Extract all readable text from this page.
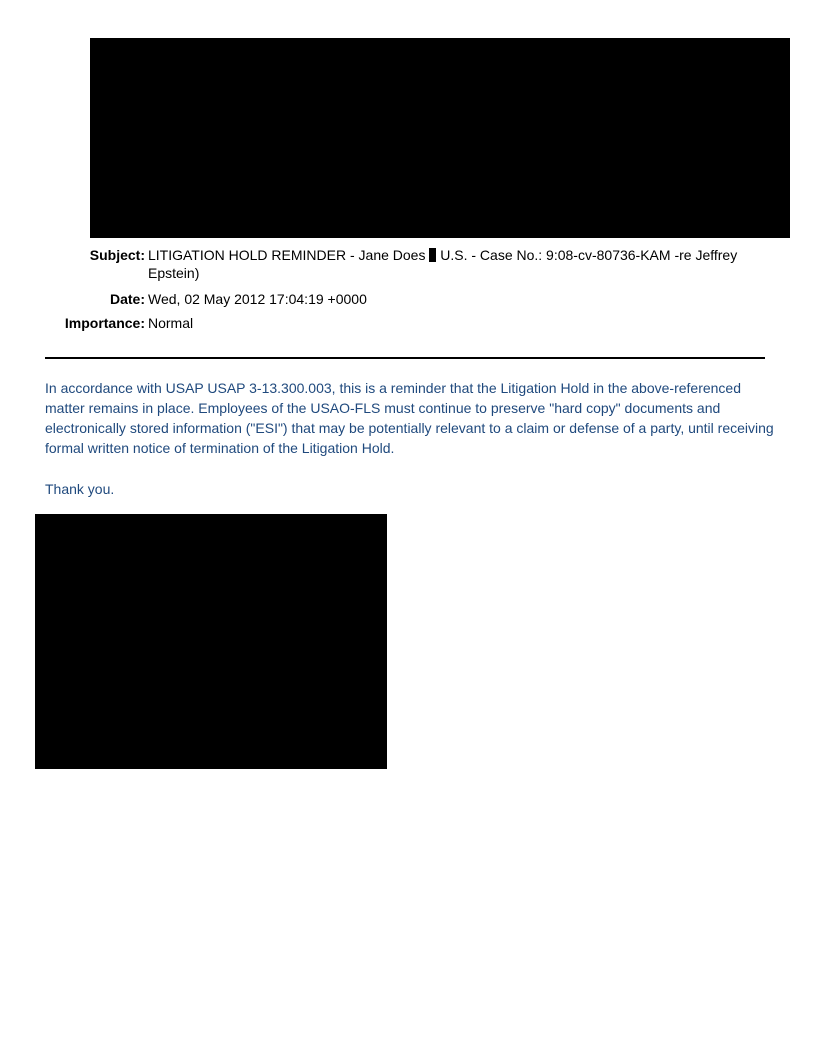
Subject: LITIGATION HOLD REMINDER - Jane Does  U.S. - Case No.: 9:08-cv-80736-KAM -re Jeffrey Epstein)
Date: Wed, 02 May 2012 17:04:19 +0000
Importance: Normal
In accordance with USAP USAP 3-13.300.003, this is a reminder that the Litigation Hold in the above-referenced matter remains in place. Employees of the USAO-FLS must continue to preserve "hard copy" documents and electronically stored information ("ESI") that may be potentially relevant to a claim or defense of a party, until receiving formal written notice of termination of the Litigation Hold.
Thank you.
